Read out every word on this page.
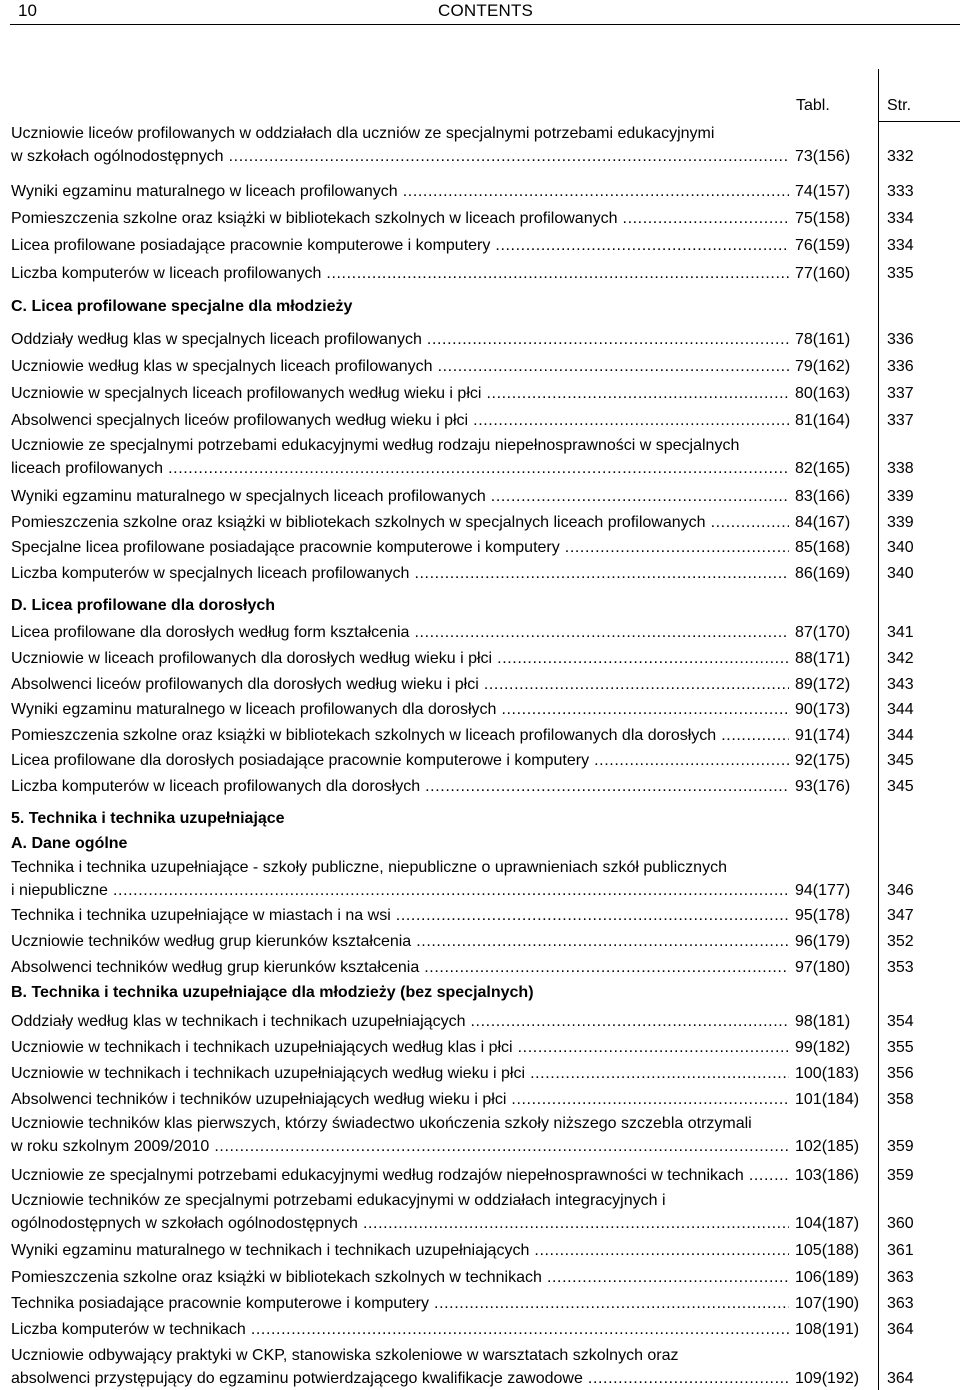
10	CONTENTS
Tabl.	Str.
Uczniowie liceów profilowanych w oddziałach dla uczniów ze specjalnymi potrzebami edukacyjnymi
w szkołach ogólnodostępnych .....	73(156) 332
Wyniki egzaminu maturalnego w liceach profilowanych .....	74(157) 333
Pomieszczenia szkolne oraz książki w bibliotekach szkolnych w liceach profilowanych .....	75(158) 334
Licea profilowane posiadające pracownie komputerowe i komputery .....	76(159) 334
Liczba komputerów w liceach profilowanych .....	77(160) 335
C. Licea profilowane specjalne dla młodzieży
Oddziały według klas w specjalnych liceach profilowanych .....	78(161) 336
Uczniowie według klas w specjalnych liceach profilowanych .....	79(162) 336
Uczniowie w specjalnych liceach profilowanych według wieku i płci .....	80(163) 337
Absolwenci specjalnych liceów profilowanych według wieku i płci .....	81(164) 337
Uczniowie ze specjalnymi potrzebami edukacyjnymi według rodzaju niepełnosprawności w specjalnych
liceach profilowanych .....	82(165) 338
Wyniki egzaminu maturalnego w specjalnych liceach profilowanych .....	83(166) 339
Pomieszczenia szkolne oraz książki w bibliotekach szkolnych w specjalnych liceach profilowanych .....	84(167) 339
Specjalne licea profilowane posiadające pracownie komputerowe i komputery .....	85(168) 340
Liczba komputerów w specjalnych liceach profilowanych .....	86(169) 340
D. Licea profilowane dla dorosłych
Licea profilowane dla dorosłych według form kształcenia .....	87(170) 341
Uczniowie w liceach profilowanych dla dorosłych według wieku i płci .....	88(171) 342
Absolwenci liceów profilowanych dla dorosłych według wieku i płci .....	89(172) 343
Wyniki egzaminu maturalnego w liceach profilowanych dla dorosłych .....	90(173) 344
Pomieszczenia szkolne oraz książki w bibliotekach szkolnych w liceach profilowanych dla dorosłych .....	91(174) 344
Licea profilowane dla dorosłych posiadające pracownie komputerowe i komputery .....	92(175) 345
Liczba komputerów w liceach profilowanych dla dorosłych .....	93(176) 345
5. Technika i technika uzupełniające
A. Dane ogólne
Technika i technika uzupełniające - szkoły publiczne, niepubliczne o uprawnieniach szkół publicznych
i niepubliczne .....	94(177) 346
Technika i technika uzupełniające w miastach i na wsi .....	95(178) 347
Uczniowie techników według grup kierunków kształcenia .....	96(179) 352
Absolwenci techników według grup kierunków kształcenia .....	97(180) 353
B. Technika i technika uzupełniające dla młodzieży (bez specjalnych)
Oddziały według klas w technikach i technikach uzupełniających .....	98(181) 354
Uczniowie w technikach i technikach uzupełniających według klas i płci .....	99(182) 355
Uczniowie w technikach i technikach uzupełniających według wieku i płci .....	100(183) 356
Absolwenci techników i techników uzupełniających według wieku i płci .....	101(184) 358
Uczniowie techników klas pierwszych, którzy świadectwo ukończenia szkoły niższego szczebla otrzymali
w roku szkolnym 2009/2010 .....	102(185) 359
Uczniowie ze specjalnymi potrzebami edukacyjnymi według rodzajów niepełnosprawności w technikach .....	103(186) 359
Uczniowie techników ze specjalnymi potrzebami edukacyjnymi w oddziałach integracyjnych i
ogólnodostępnych w szkołach ogólnodostępnych .....	104(187) 360
Wyniki egzaminu maturalnego w technikach i technikach uzupełniających .....	105(188) 361
Pomieszczenia szkolne oraz książki w bibliotekach szkolnych w technikach .....	106(189) 363
Technika posiadające pracownie komputerowe i komputery .....	107(190) 363
Liczba komputerów w technikach .....	108(191) 364
Uczniowie odbywający praktyki w CKP, stanowiska szkoleniowe w warsztatach szkolnych oraz
absolwenci przystępujący do egzaminu potwierdzającego kwalifikacje zawodowe .....	109(192) 364
